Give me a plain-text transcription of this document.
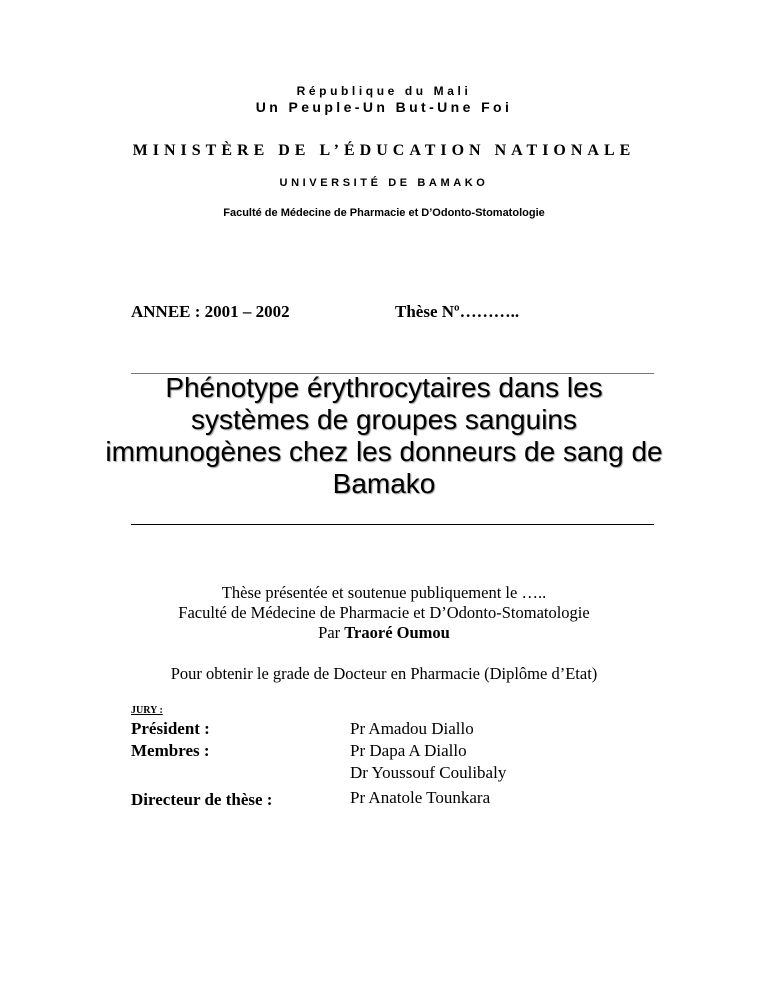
République du Mali
Un Peuple-Un But-Une Foi
MINISTÈRE DE L’ÉDUCATION NATIONALE
UNIVERSITÉ DE BAMAKO
Faculté de Médecine de Pharmacie et D’Odonto-Stomatologie
ANNEE : 2001 – 2002	Thèse Nº………..
Phénotype érythrocytaires dans les
systèmes de groupes sanguins
immunogènes chez les donneurs de sang de
Bamako
Thèse présentée et soutenue publiquement le …..
Faculté de Médecine de Pharmacie et D’Odonto-Stomatologie
Par Traoré Oumou
Pour obtenir le grade de Docteur en Pharmacie (Diplôme d’Etat)
JURY :
Président :
Membres :
Directeur de thèse :
Pr Amadou Diallo
Pr Dapa A Diallo
Dr Youssouf Coulibaly
Pr Anatole Tounkara
